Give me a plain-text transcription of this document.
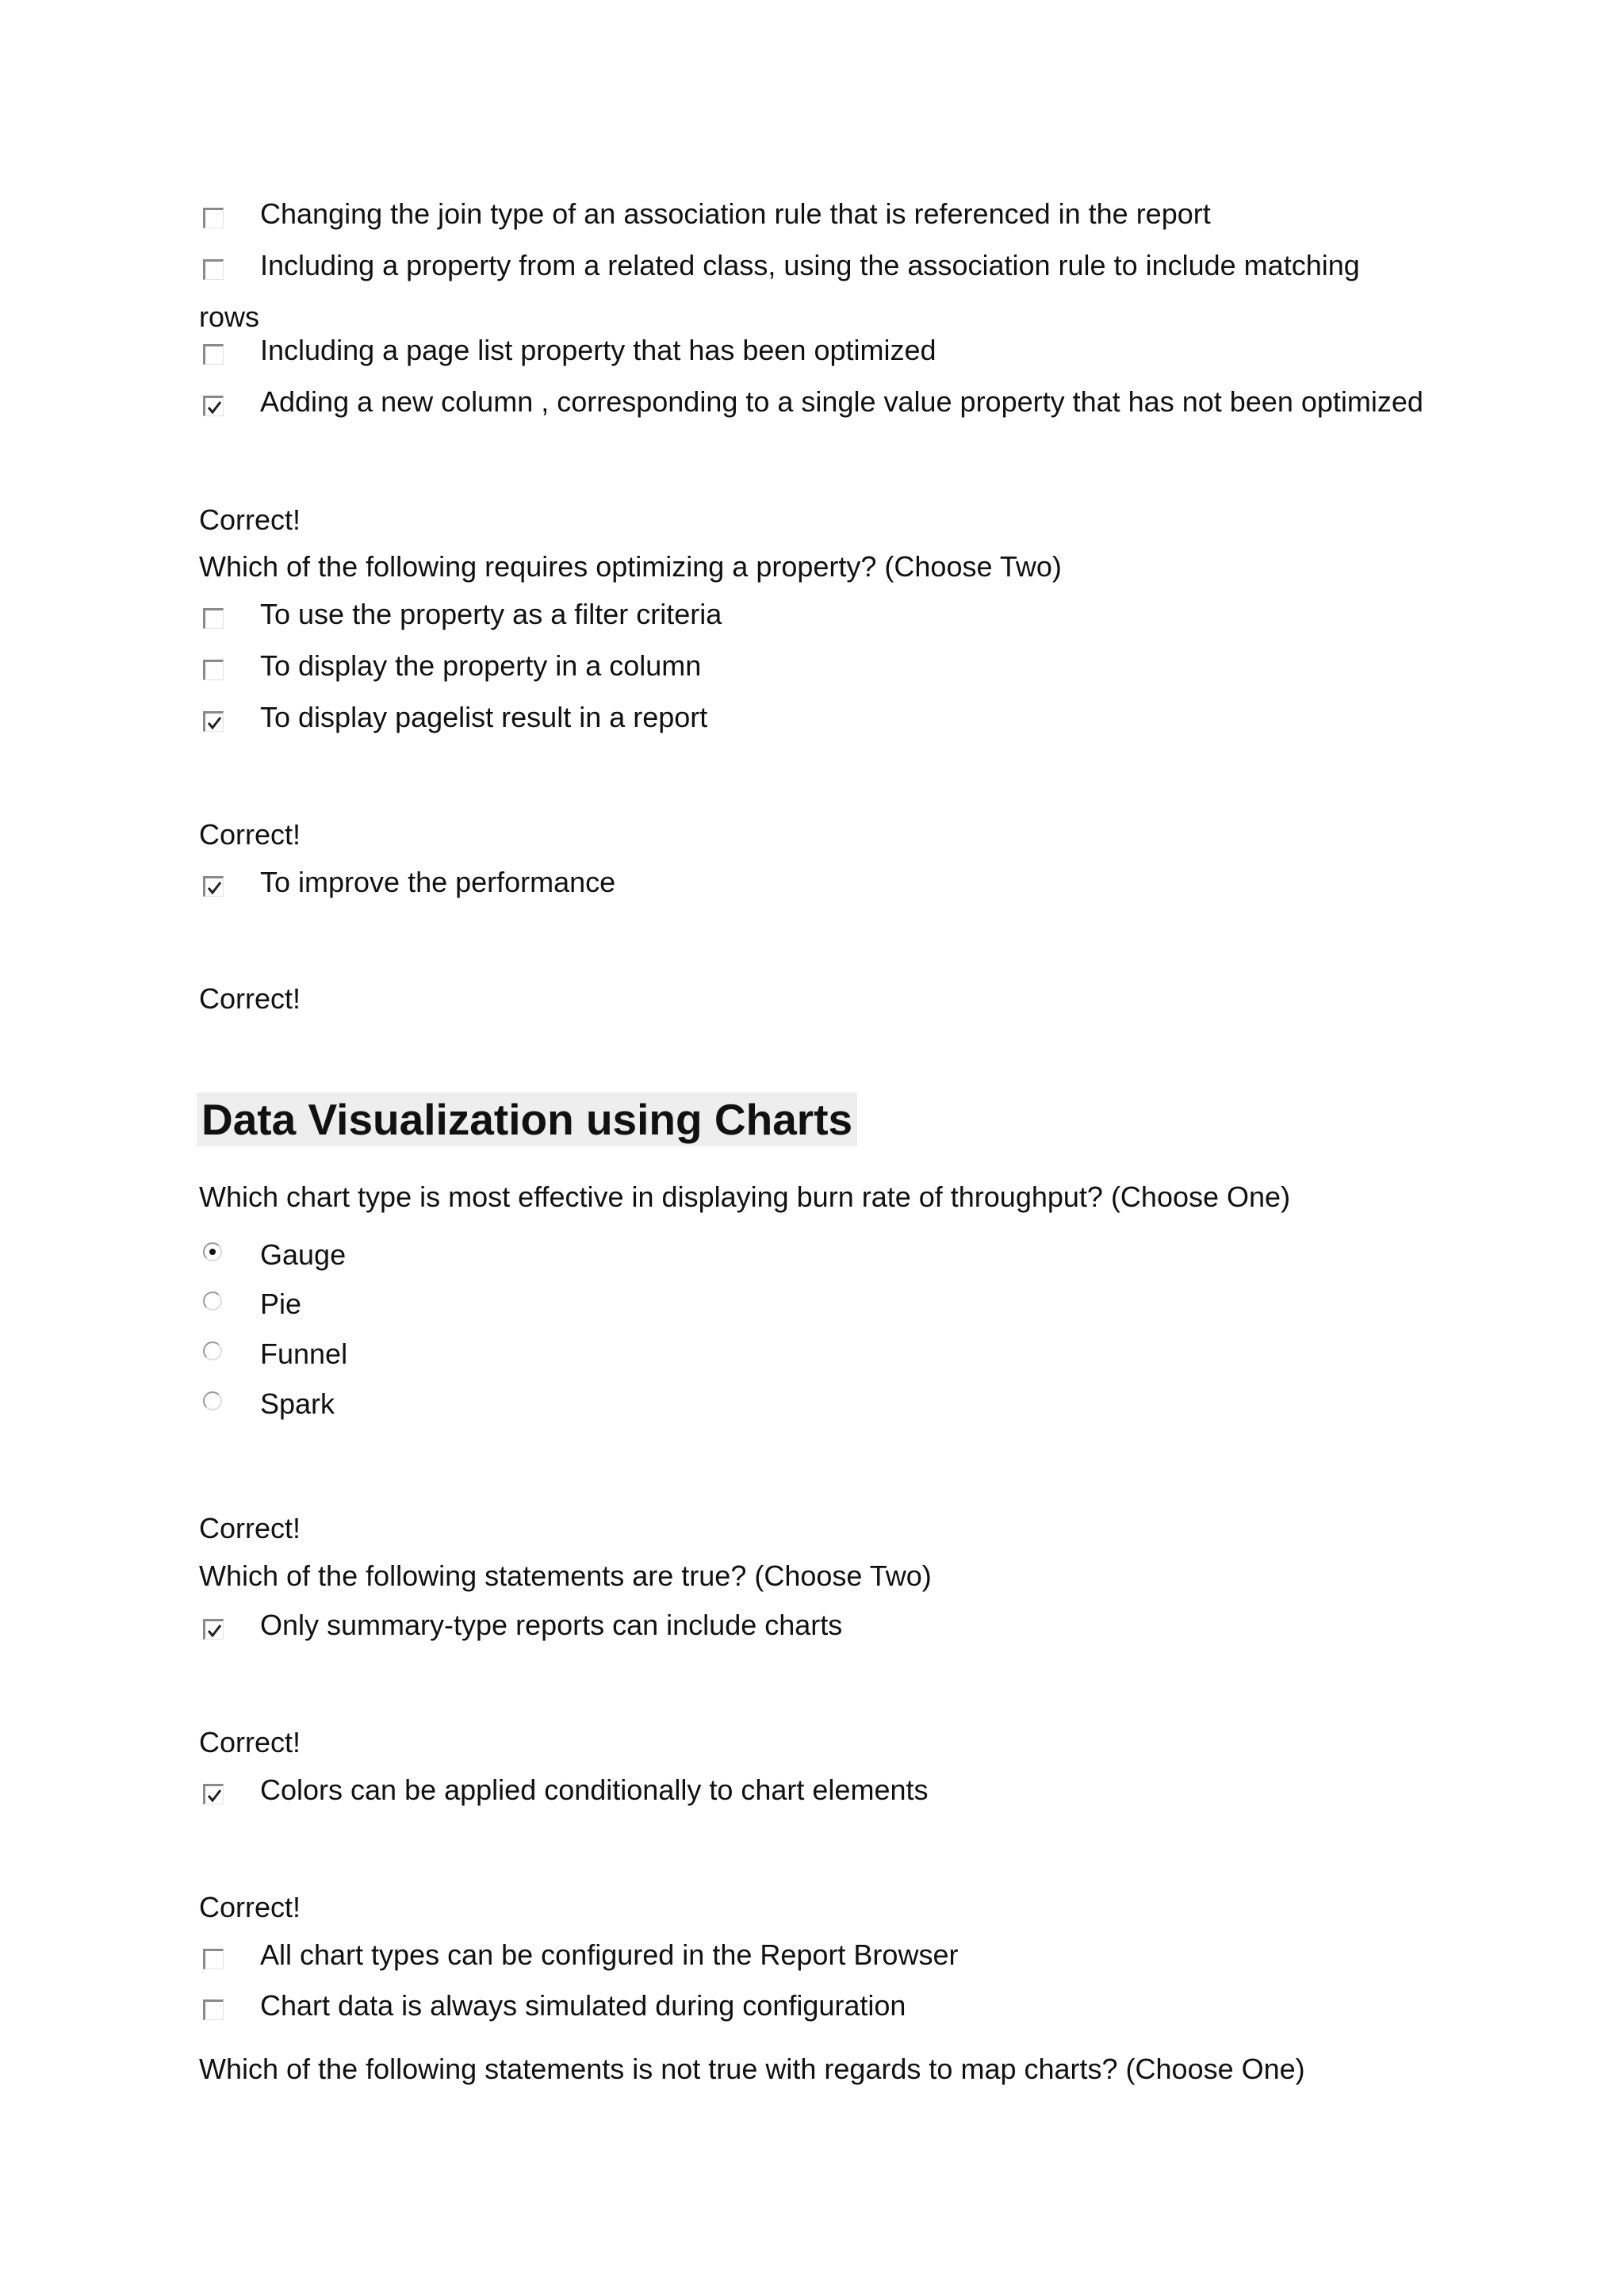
Changing the join type of an association rule that is referenced in the report
Including a property from a related class, using the association rule to include matching
rows
Including a page list property that has been optimized
Adding a new column , corresponding to a single value property that has not been optimized
Correct!
Which of the following requires optimizing a property? (Choose Two)
To use the property as a filter criteria
To display the property in a column
To display pagelist result in a report
Correct!
To improve the performance
Correct!
Data Visualization using Charts
Which chart type is most effective in displaying burn rate of throughput? (Choose One)
Gauge
Pie
Funnel
Spark
Correct!
Which of the following statements are true? (Choose Two)
Only summary-type reports can include charts
Correct!
Colors can be applied conditionally to chart elements
Correct!
All chart types can be configured in the Report Browser
Chart data is always simulated during configuration
Which of the following statements is not true with regards to map charts? (Choose One)
